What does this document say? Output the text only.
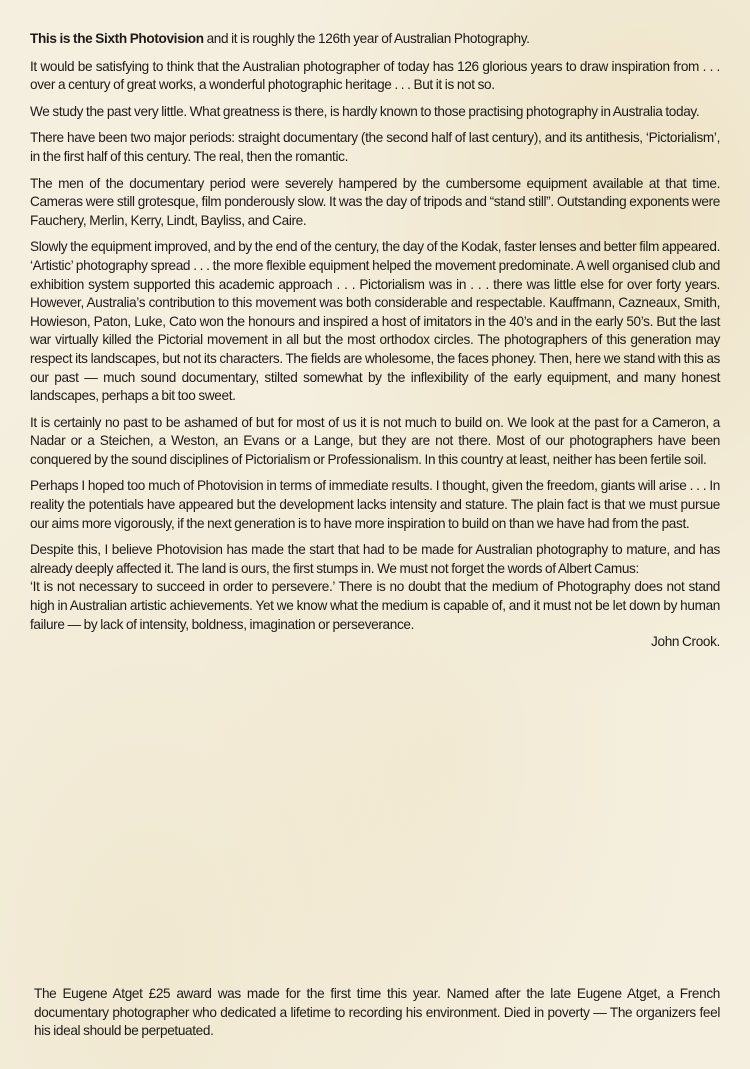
This is the Sixth Photovision and it is roughly the 126th year of Australian Photography.

It would be satisfying to think that the Australian photographer of today has 126 glorious years to draw inspiration from . . . over a century of great works, a wonderful photographic heritage . . . But it is not so.

We study the past very little. What greatness is there, is hardly known to those practising photography in Australia today.

There have been two major periods: straight documentary (the second half of last century), and its antithesis, ‘Pictorialism’, in the first half of this century. The real, then the romantic.

The men of the documentary period were severely hampered by the cumbersome equipment available at that time. Cameras were still grotesque, film ponderously slow. It was the day of tripods and “stand still”. Outstanding exponents were Fauchery, Merlin, Kerry, Lindt, Bayliss, and Caire.

Slowly the equipment improved, and by the end of the century, the day of the Kodak, faster lenses and better film appeared. ‘Artistic’ photography spread . . . the more flexible equipment helped the movement predominate. A well organised club and exhibition system supported this academic approach . . . Pictorialism was in . . . there was little else for over forty years. However, Australia’s contribution to this movement was both considerable and respectable. Kauffmann, Cazneaux, Smith, Howieson, Paton, Luke, Cato won the honours and inspired a host of imitators in the 40’s and in the early 50’s. But the last war virtually killed the Pictorial movement in all but the most orthodox circles. The photographers of this generation may respect its landscapes, but not its characters. The fields are wholesome, the faces phoney. Then, here we stand with this as our past — much sound documentary, stilted somewhat by the inflexibility of the early equipment, and many honest landscapes, perhaps a bit too sweet.

It is certainly no past to be ashamed of but for most of us it is not much to build on. We look at the past for a Cameron, a Nadar or a Steichen, a Weston, an Evans or a Lange, but they are not there. Most of our photographers have been conquered by the sound disciplines of Pictorialism or Professionalism. In this country at least, neither has been fertile soil.

Perhaps I hoped too much of Photovision in terms of immediate results. I thought, given the freedom, giants will arise . . . In reality the potentials have appeared but the development lacks intensity and stature. The plain fact is that we must pursue our aims more vigorously, if the next generation is to have more inspiration to build on than we have had from the past.

Despite this, I believe Photovision has made the start that had to be made for Australian photography to mature, and has already deeply affected it. The land is ours, the first stumps in. We must not forget the words of Albert Camus:

‘It is not necessary to succeed in order to persevere.’ There is no doubt that the medium of Photography does not stand high in Australian artistic achievements. Yet we know what the medium is capable of, and it must not be let down by human failure — by lack of intensity, boldness, imagination or perseverance.

John Crook.

The Eugene Atget £25 award was made for the first time this year. Named after the late Eugene Atget, a French documentary photographer who dedicated a lifetime to recording his environment. Died in poverty — The organizers feel his ideal should be perpetuated.
